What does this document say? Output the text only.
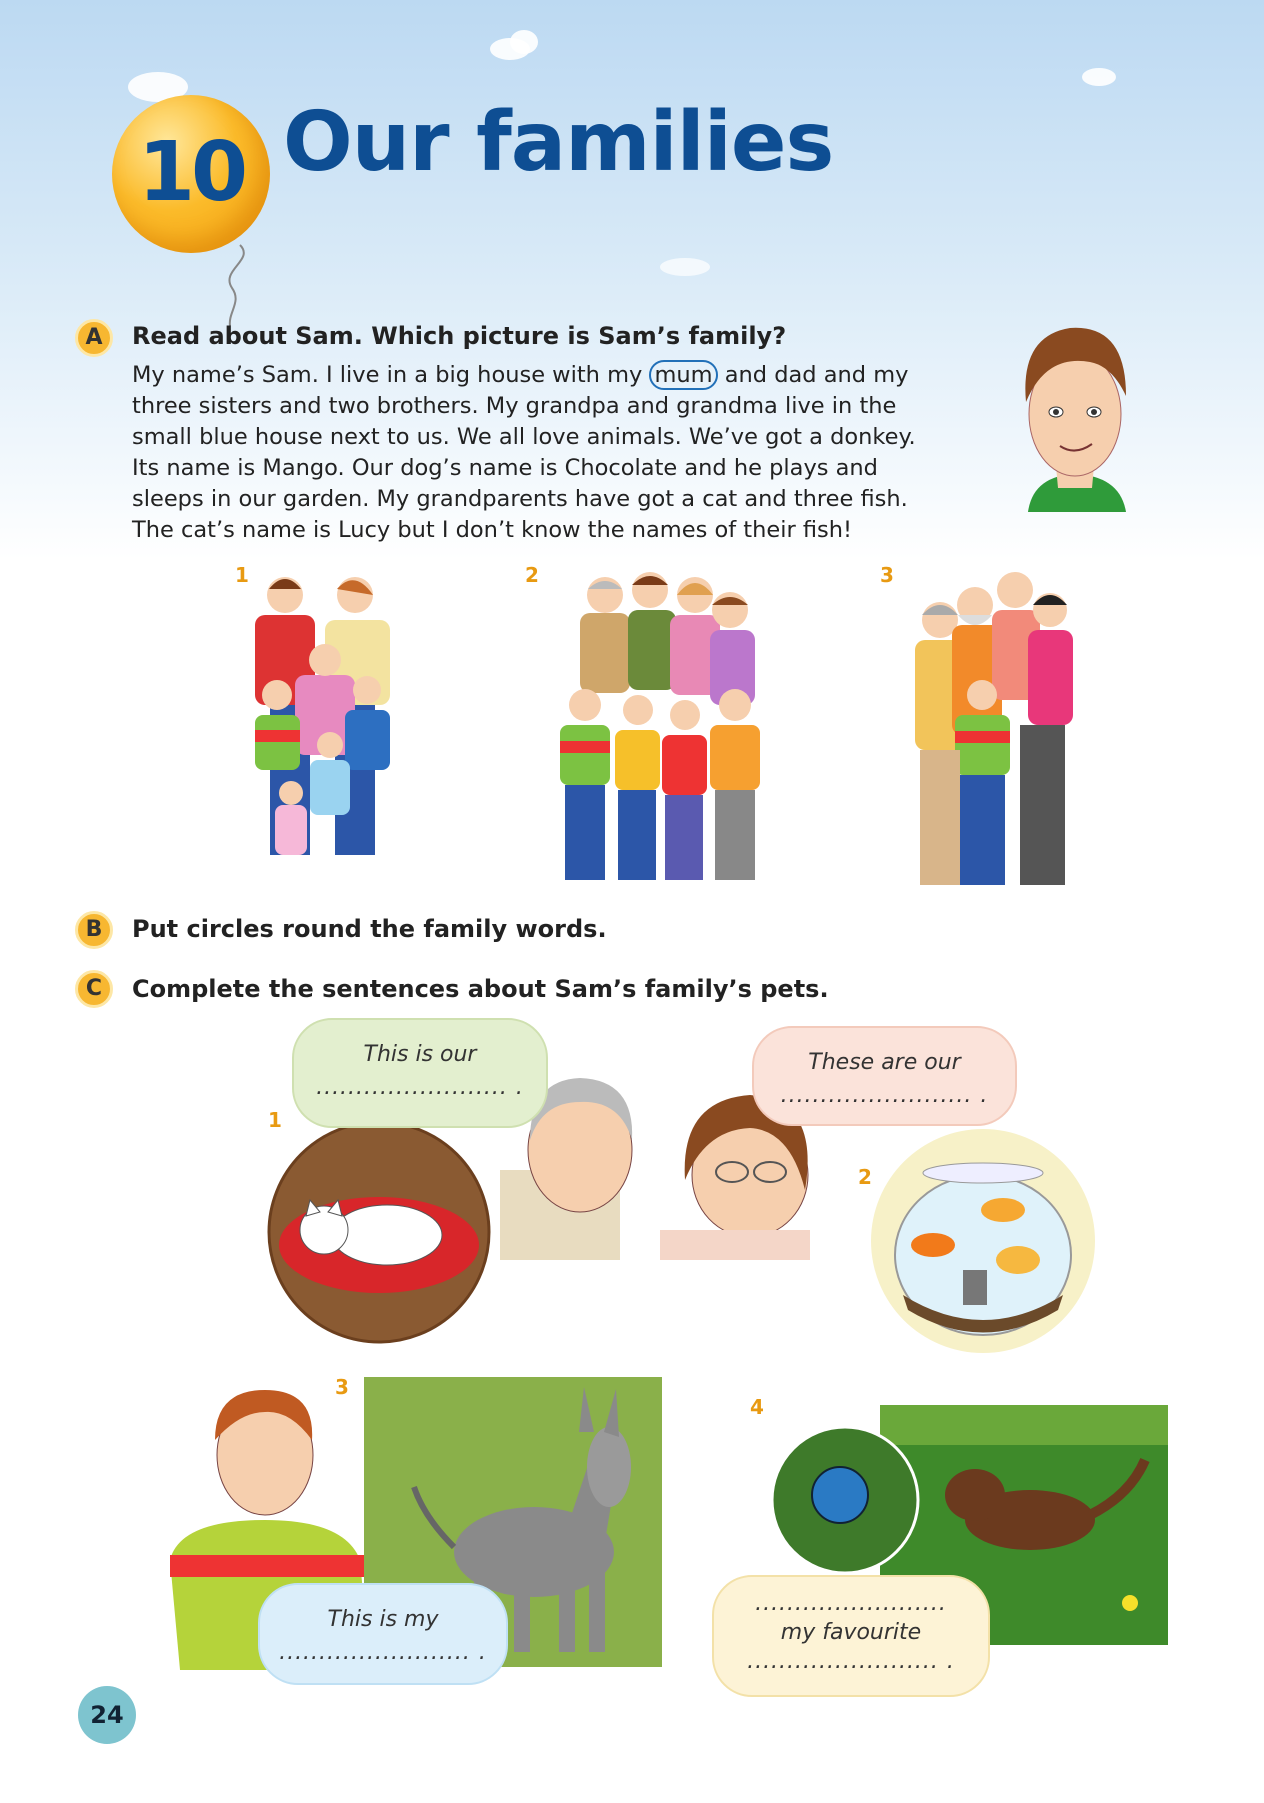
10 Our families
A	Read about Sam. Which picture is Sam’s family?

My name’s Sam. I live in a big house with my mum and dad and my

three sisters and two brothers. My grandpa and grandma live in the

small blue house next to us. We all love animals. We’ve got a donkey.

Its name is Mango. Our dog’s name is Chocolate and he plays and

sleeps in our garden. My grandparents have got a cat and three fish.

The cat’s name is Lucy but I don’t know the names of their fish!

1	2	3
B	Put circles round the family words.
C	Complete the sentences about Sam’s family’s pets.
1
2
This is our
........................ .
These are our
........................ .
3
This is my
........................ .
4
........................
my favourite
........................ .
24
